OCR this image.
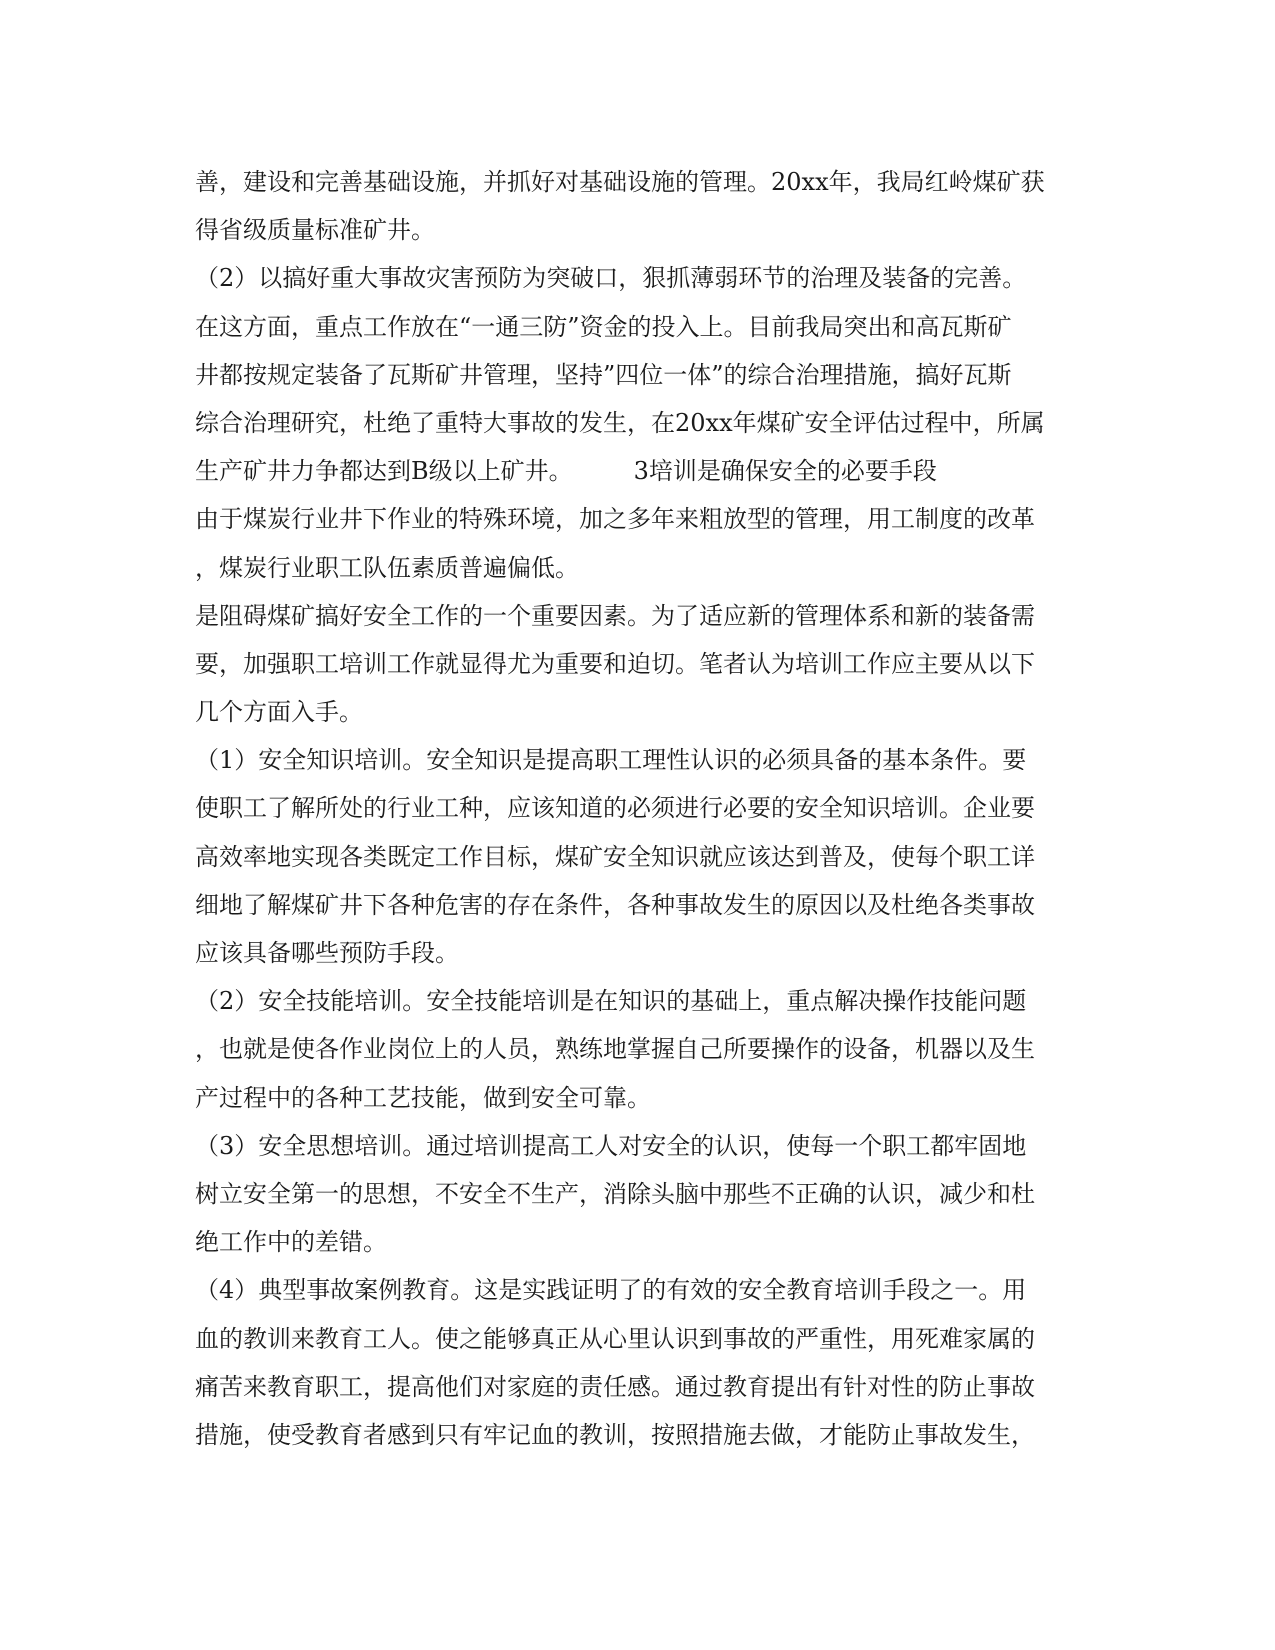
善，建设和完善基础设施，并抓好对基础设施的管理。20xx年，我局红岭煤矿获
得省级质量标准矿井。
（2）以搞好重大事故灾害预防为突破口，狠抓薄弱环节的治理及装备的完善。
在这方面，重点工作放在“一通三防”资金的投入上。目前我局突出和高瓦斯矿
井都按规定装备了瓦斯矿井管理，坚持”四位一体”的综合治理措施，搞好瓦斯
综合治理研究，杜绝了重特大事故的发生，在20xx年煤矿安全评估过程中，所属
生产矿井力争都达到B级以上矿井。        3培训是确保安全的必要手段
由于煤炭行业井下作业的特殊环境，加之多年来粗放型的管理，用工制度的改革
，煤炭行业职工队伍素质普遍偏低。
是阻碍煤矿搞好安全工作的一个重要因素。为了适应新的管理体系和新的装备需
要，加强职工培训工作就显得尤为重要和迫切。笔者认为培训工作应主要从以下
几个方面入手。
（1）安全知识培训。安全知识是提高职工理性认识的必须具备的基本条件。要
使职工了解所处的行业工种，应该知道的必须进行必要的安全知识培训。企业要
高效率地实现各类既定工作目标，煤矿安全知识就应该达到普及，使每个职工详
细地了解煤矿井下各种危害的存在条件，各种事故发生的原因以及杜绝各类事故
应该具备哪些预防手段。
（2）安全技能培训。安全技能培训是在知识的基础上，重点解决操作技能问题
，也就是使各作业岗位上的人员，熟练地掌握自己所要操作的设备，机器以及生
产过程中的各种工艺技能，做到安全可靠。
（3）安全思想培训。通过培训提高工人对安全的认识，使每一个职工都牢固地
树立安全第一的思想，不安全不生产，消除头脑中那些不正确的认识，减少和杜
绝工作中的差错。
（4）典型事故案例教育。这是实践证明了的有效的安全教育培训手段之一。用
血的教训来教育工人。使之能够真正从心里认识到事故的严重性，用死难家属的
痛苦来教育职工，提高他们对家庭的责任感。通过教育提出有针对性的防止事故
措施，使受教育者感到只有牢记血的教训，按照措施去做，才能防止事故发生，
